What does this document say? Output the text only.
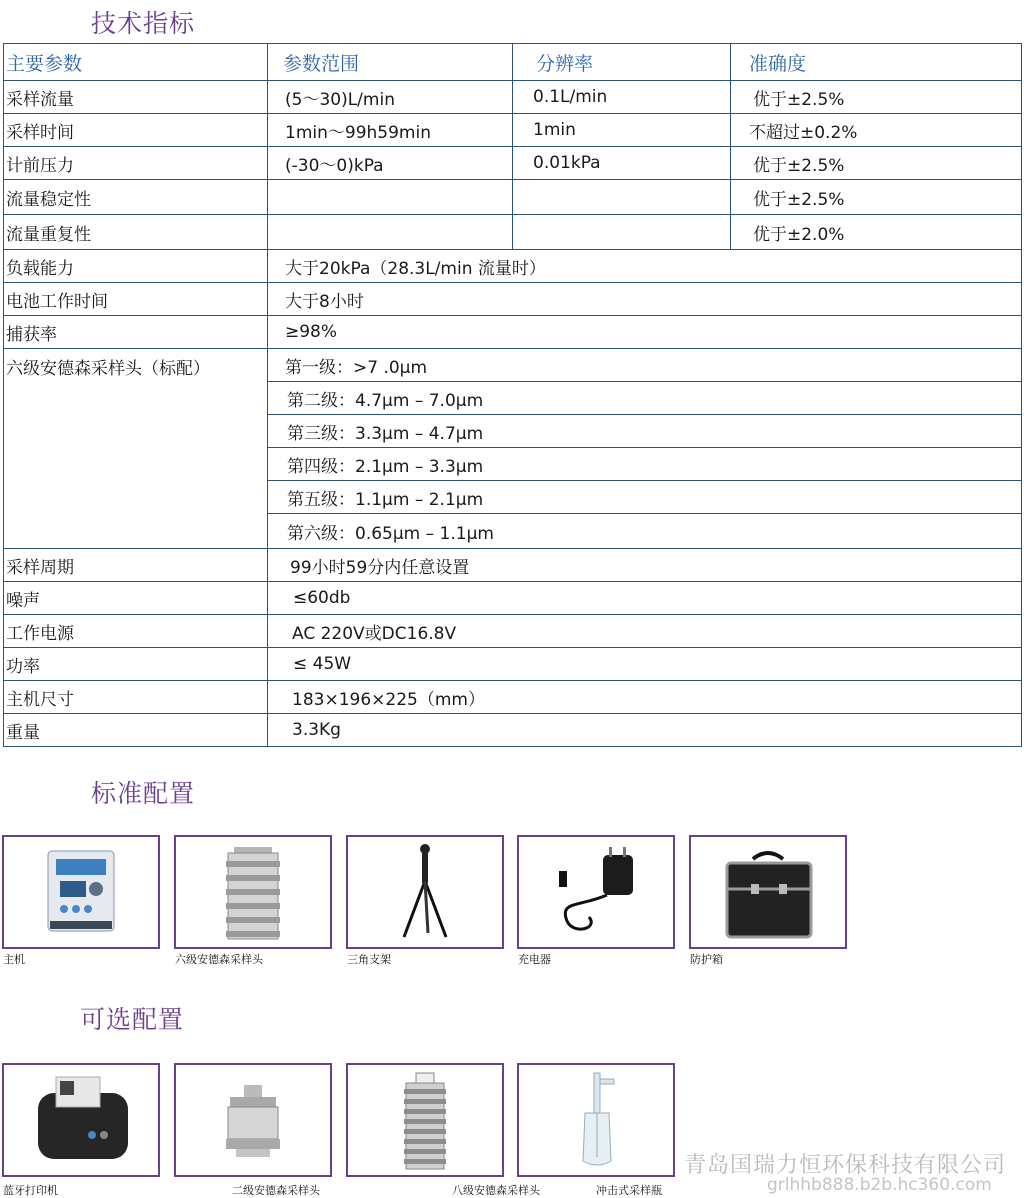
技术指标
主要参数	参数范围	分辨率	准确度
采样流量	(5～30)L/min	0.1L/min	优于±2.5%
采样时间	1min～99h59min	1min	不超过±0.2%
计前压力	(-30～0)kPa	0.01kPa	优于±2.5%
流量稳定性			优于±2.5%
流量重复性			优于±2.0%
负载能力	大于20kPa（28.3L/min 流量时）		
电池工作时间	大于8小时		
捕获率	≥98%		
六级安德森采样头（标配）	第一级：>7 .0μm		
	第二级：4.7μm – 7.0μm		
	第三级：3.3μm – 4.7μm		
	第四级：2.1μm – 3.3μm		
	第五级：1.1μm – 2.1μm		
	第六级：0.65μm – 1.1μm		
采样周期	99小时59分内任意设置		
噪声	≤60db		
工作电源	AC 220V或DC16.8V		
功率	≤ 45W		
主机尺寸	183×196×225（mm）		
重量	3.3Kg		
标准配置
主机	六级安德森采样头	三角支架	充电器	防护箱
可选配置
蓝牙打印机	二级安德森采样头	八级安德森采样头	冲击式采样瓶
青岛国瑞力恒环保科技有限公司
grlhhb888.b2b.hc360.com
